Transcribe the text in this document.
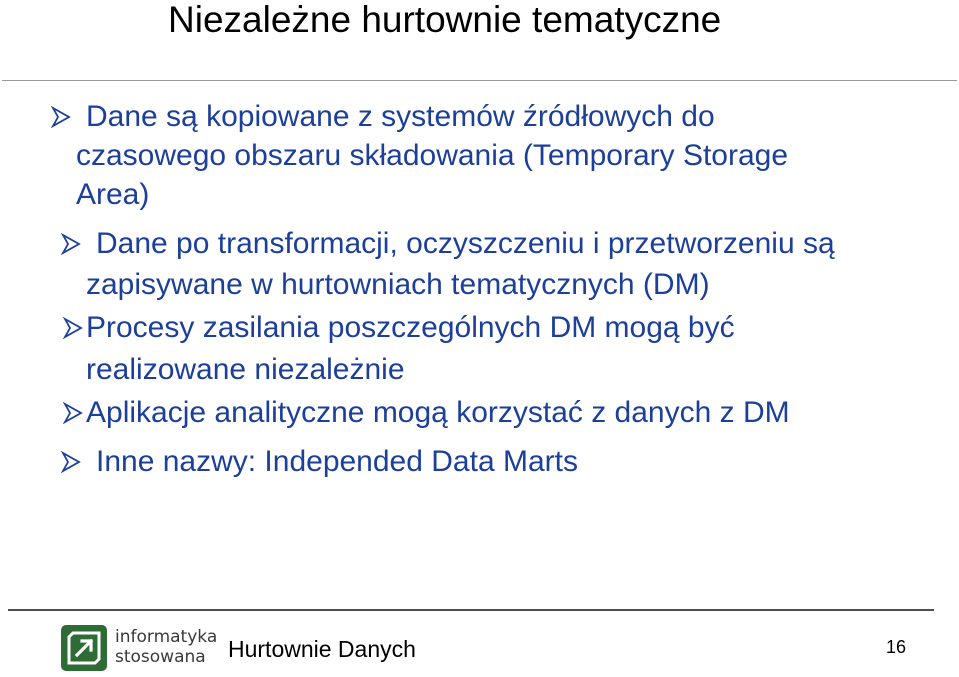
Niezależne hurtownie tematyczne
Dane są kopiowane z systemów źródłowych do
czasowego obszaru składowania (Temporary Storage
Area)
Dane po transformacji, oczyszczeniu i przetworzeniu są
zapisywane w hurtowniach tematycznych (DM)
Procesy zasilania poszczególnych DM mogą być
realizowane niezależnie
Aplikacje analityczne mogą korzystać z danych z DM
Inne nazwy: Independed Data Marts
informatyka
stosowana Hurtownie Danych	16
